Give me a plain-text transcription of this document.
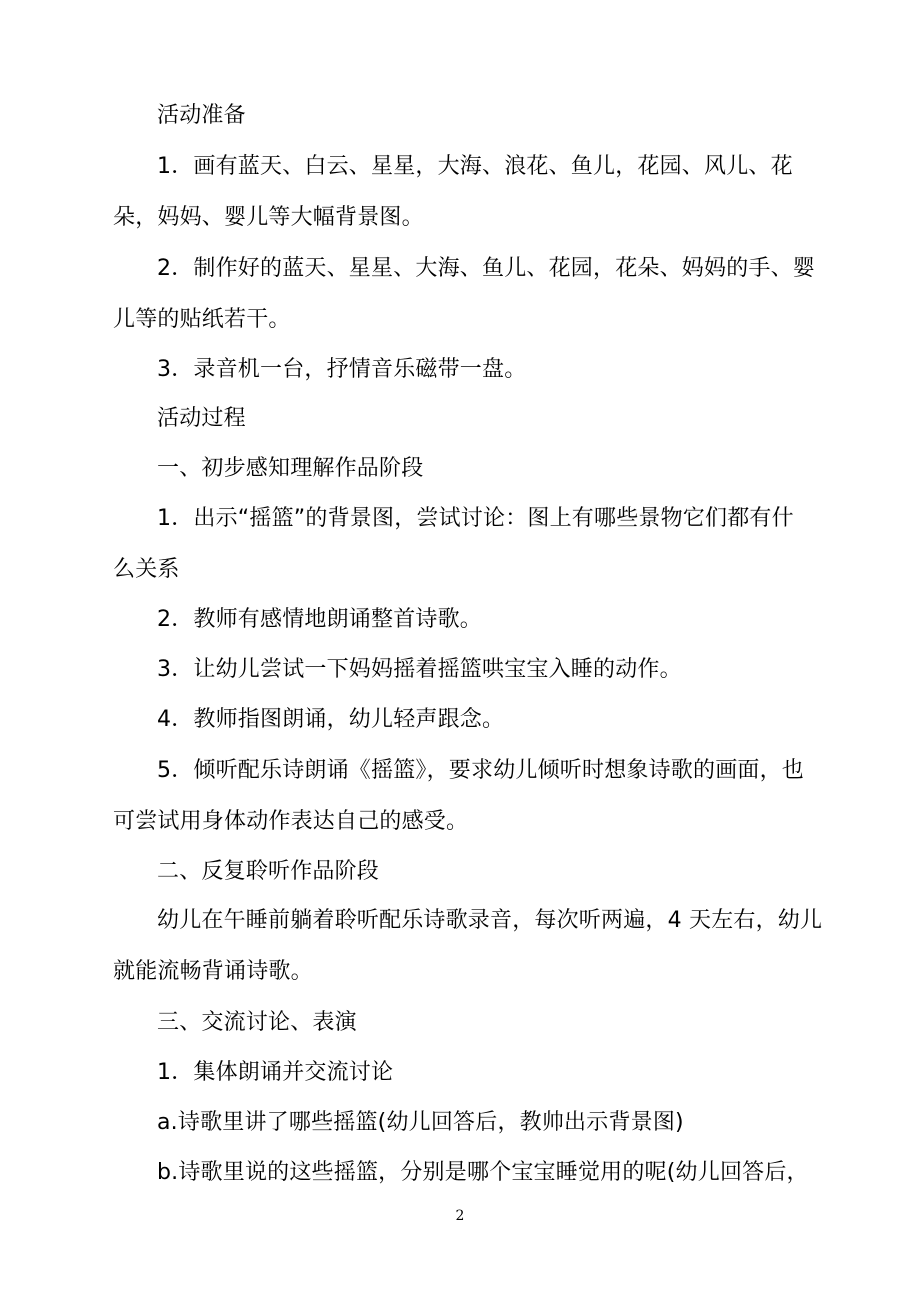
活动准备

1．画有蓝天、白云、星星，大海、浪花、鱼儿，花园、风儿、花

朵，妈妈、婴儿等大幅背景图。

2．制作好的蓝天、星星、大海、鱼儿、花园，花朵、妈妈的手、婴

儿等的贴纸若干。

3．录音机一台，抒情音乐磁带一盘。

活动过程

一、初步感知理解作品阶段

1．出示“摇篮”的背景图，尝试讨论：图上有哪些景物它们都有什

么关系

2．教师有感情地朗诵整首诗歌。

3．让幼儿尝试一下妈妈摇着摇篮哄宝宝入睡的动作。

4．教师指图朗诵，幼儿轻声跟念。

5．倾听配乐诗朗诵《摇篮》，要求幼儿倾听时想象诗歌的画面，也

可尝试用身体动作表达自己的感受。

二、反复聆听作品阶段

幼儿在午睡前躺着聆听配乐诗歌录音，每次听两遍，4 天左右，幼儿

就能流畅背诵诗歌。

三、交流讨论、表演

1．集体朗诵并交流讨论

a.诗歌里讲了哪些摇篮(幼儿回答后，教帅出示背景图)

b.诗歌里说的这些摇篮，分别是哪个宝宝睡觉用的呢(幼儿回答后，

2
